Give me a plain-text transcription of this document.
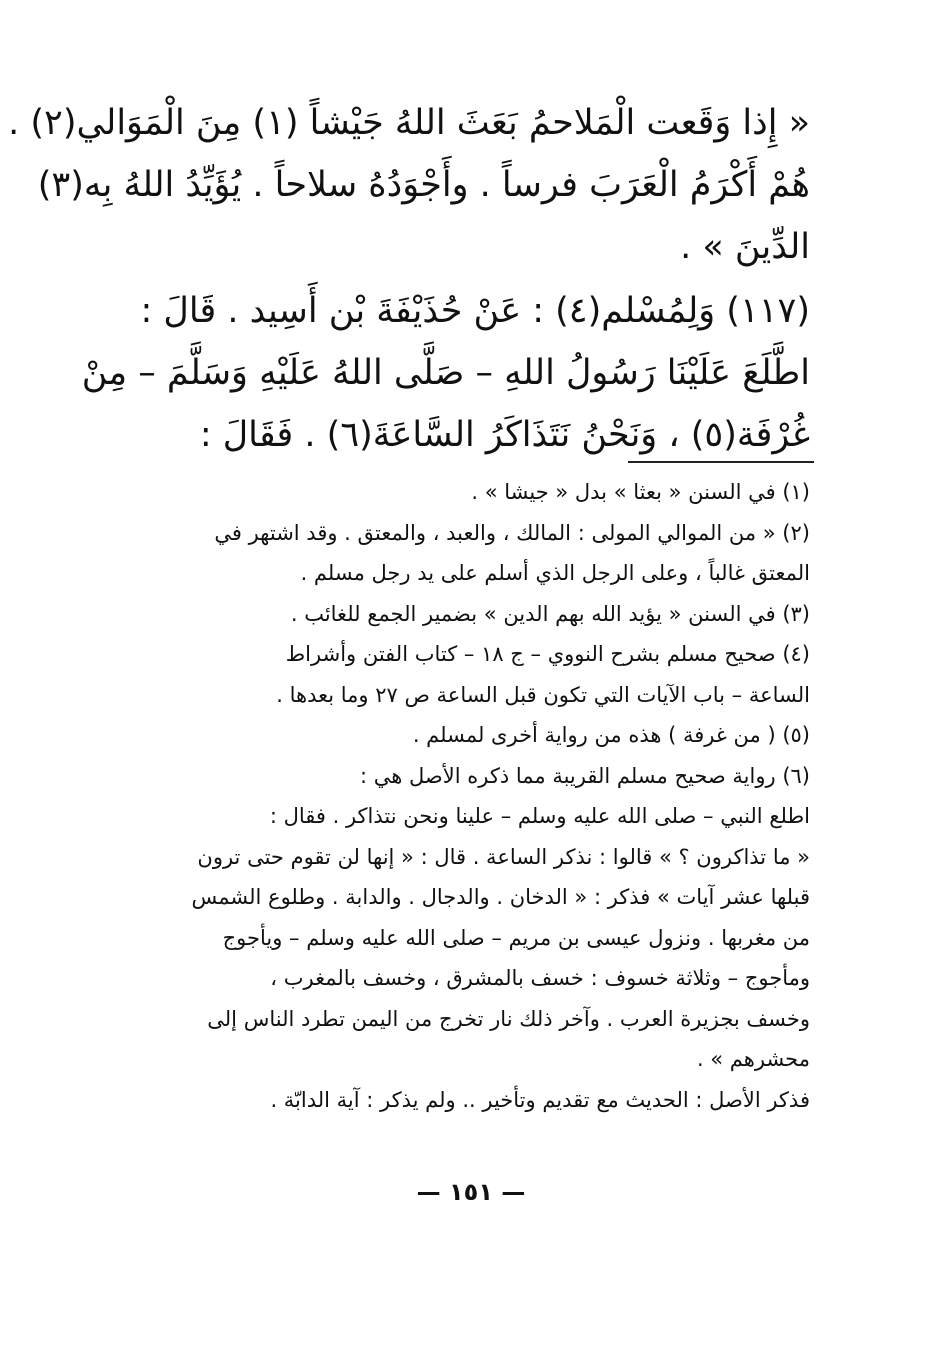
« إِذا وَقَعت الْمَلاحمُ بَعَثَ اللهُ جَيْشاً (١) مِنَ الْمَوَالي(٢) .
هُمْ أَكْرَمُ الْعَرَبَ فرساً . وأَجْوَدُهُ سلاحاً . يُؤَيِّدُ اللهُ بِه(٣)
الدِّينَ » .
(١١٧) وَلِمُسْلم(٤) : عَنْ حُذَيْفَةَ بْن أَسِيد . قَالَ :
اطَّلَعَ عَلَيْنَا رَسُولُ اللهِ – صَلَّى اللهُ عَلَيْهِ وَسَلَّمَ – مِنْ
غُرْفَة(٥) ، وَنَحْنُ نَتَذَاكَرُ السَّاعَةَ(٦) . فَقَالَ :
(١) في السنن « بعثا » بدل « جيشا » .
(٢) « من الموالي المولى : المالك ، والعبد ، والمعتق . وقد اشتهر في
المعتق غالباً ، وعلى الرجل الذي أسلم على يد رجل مسلم .
(٣) في السنن « يؤيد الله بهم الدين » بضمير الجمع للغائب .
(٤) صحيح مسلم بشرح النووي – ج ١٨ – كتاب الفتن وأشراط
الساعة – باب الآيات التي تكون قبل الساعة ص ٢٧ وما بعدها .
(٥) ( من غرفة ) هذه من رواية أخرى لمسلم .
(٦) رواية صحيح مسلم القريبة مما ذكره الأصل هي :
اطلع النبي – صلى الله عليه وسلم – علينا ونحن نتذاكر . فقال :
« ما تذاكرون ؟ » قالوا : نذكر الساعة . قال : « إنها لن تقوم حتى ترون
قبلها عشر آيات » فذكر : « الدخان . والدجال . والدابة . وطلوع الشمس
من مغربها . ونزول عيسى بن مريم – صلى الله عليه وسلم – ويأجوج
ومأجوج – وثلاثة خسوف : خسف بالمشرق ، وخسف بالمغرب ،
وخسف بجزيرة العرب . وآخر ذلك نار تخرج من اليمن تطرد الناس إلى
محشرهم » .
فذكر الأصل : الحديث مع تقديم وتأخير .. ولم يذكر : آية الدابّة .
— ١٥١ —
